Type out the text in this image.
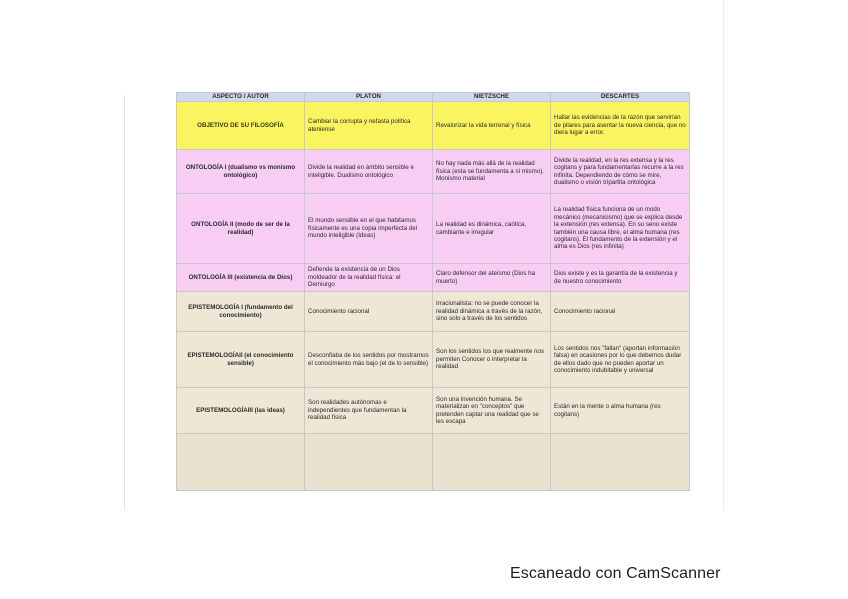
ASPECTO / AUTOR	PLATÓN	NIETZSCHE	DESCARTES
OBJETIVO DE SU FILOSOFÍA	Cambiar la corrupta y nefasta política ateniense	Revalorizar la vida terrenal y física	Hallar las evidencias de la razón que servirían de pilares para asentar la nueva ciencia, que no diera lugar a error.
ONTOLOGÍA I (dualismo vs monismo ontológico)	Divide la realidad en ámbito sensible e inteligible. Dualismo ontológico	No hay nada más allá de la realidad física (esta se fundamenta a sí mismo). Monismo material	Divide la realidad, en la res extensa y la res cogitans y para fundamentarlas recurre a la res infinita. Dependiendo de cómo se mire, dualismo o visión tripartita ontológica
ONTOLOGÍA II (modo de ser de la realidad)	El mundo sensible en el que habitamos físicamente es una copia imperfecta del mundo inteligible (Ideas)	La realidad es dinámica, caótica, cambiante e irregular	La realidad física funciona de un modo mecánico (mecanicismo) que se explica desde la extensión (res extensa). En su seno existe también una causa libre, el alma humana (res cogitans). El fundamento de la extensión y el alma es Dios (res infinita)
ONTOLOGÍA III (existencia de Dios)	Defiende la existencia de un Dios moldeador de la realidad física: el Demiurgo	Claro defensor del ateísmo (Dios ha muerto)	Dios existe y es la garantía de la existencia y de nuestro conocimiento
EPISTEMOLOGÍA I (fundamento del conocimiento)	Conocimiento racional	Irracionalista: no se puede conocer la realidad dinámica a través de la razón, sino solo a través de los sentidos	Conocimiento racional
EPISTEMOLOGÍAII (el conocimiento sensible)	Desconfiaba de los sentidos por mostrarnos el conocimiento más bajo (el de lo sensible)	Son los sentidos los que realmente nos permiten Conocer o interpretar la realidad	Los sentidos nos "fallan" (aportan información falsa) en ocasiones por lo que debemos dudar de ellos dado que no pueden aportar un conocimiento indubitable y universal
EPISTEMOLOGÍAIII (las ideas)	Son realidades autónomas e independientes que fundamentan la realidad física	Son una invención humana. Se materializan en "conceptos" que pretenden captar una realidad que se les escapa	Están en la mente o alma humana (res cogitans)

Escaneado con CamScanner
